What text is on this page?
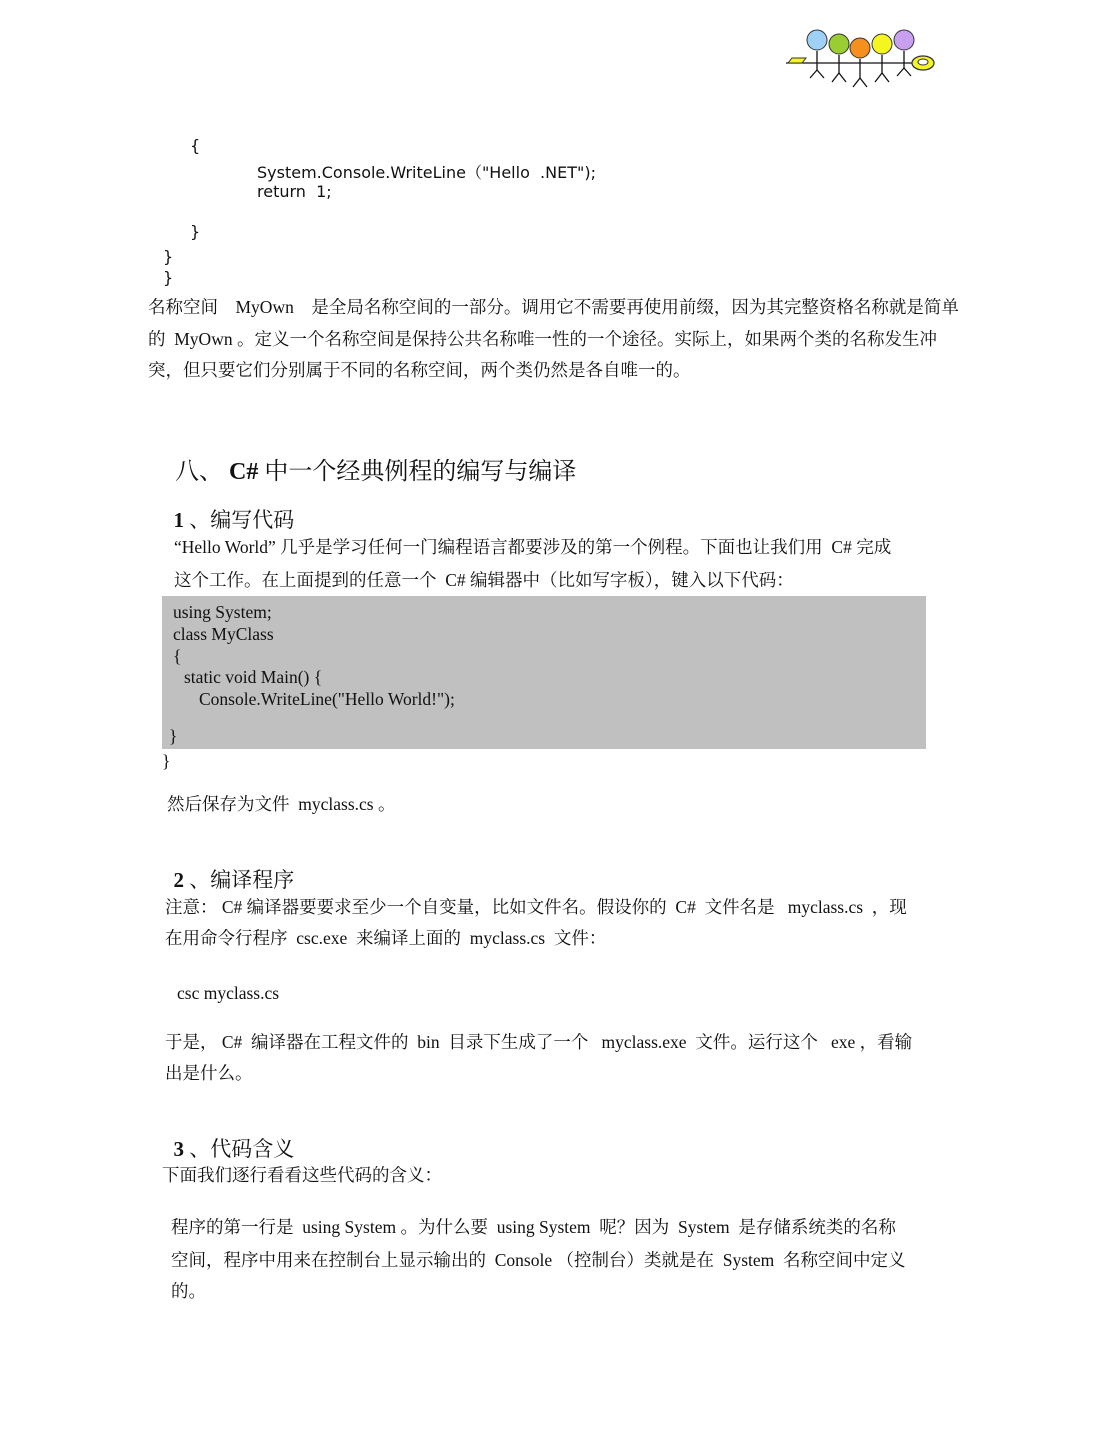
{
System.Console.WriteLine（"Hello  .NET");
return  1;
}
}
}
名称空间    MyOwn    是全局名称空间的一部分。调用它不需要再使用前缀，因为其完整资格名称就是简单
的  MyOwn 。定义一个名称空间是保持公共名称唯一性的一个途径。实际上，如果两个类的名称发生冲
突，但只要它们分别属于不同的名称空间，两个类仍然是各自唯一的。

八、 C# 中一个经典例程的编写与编译

1 、编写代码

“Hello World” 几乎是学习任何一门编程语言都要涉及的第一个例程。下面也让我们用  C# 完成
这个工作。在上面提到的任意一个  C# 编辑器中（比如写字板），键入以下代码：
using System;
class MyClass
{
static void Main() {
Console.WriteLine("Hello World!");
}
}
然后保存为文件  myclass.cs 。

2 、编译程序

注意： C# 编译器要要求至少一个自变量，比如文件名。假设你的  C#  文件名是   myclass.cs  ，现
在用命令行程序  csc.exe  来编译上面的  myclass.cs  文件：
csc myclass.cs
于是， C#  编译器在工程文件的  bin  目录下生成了一个   myclass.exe  文件。运行这个   exe ，看输
出是什么。

3 、代码含义

下面我们逐行看看这些代码的含义：
程序的第一行是  using System 。为什么要  using System  呢？因为  System  是存储系统类的名称
空间，程序中用来在控制台上显示输出的  Console （控制台）类就是在  System  名称空间中定义
的。
